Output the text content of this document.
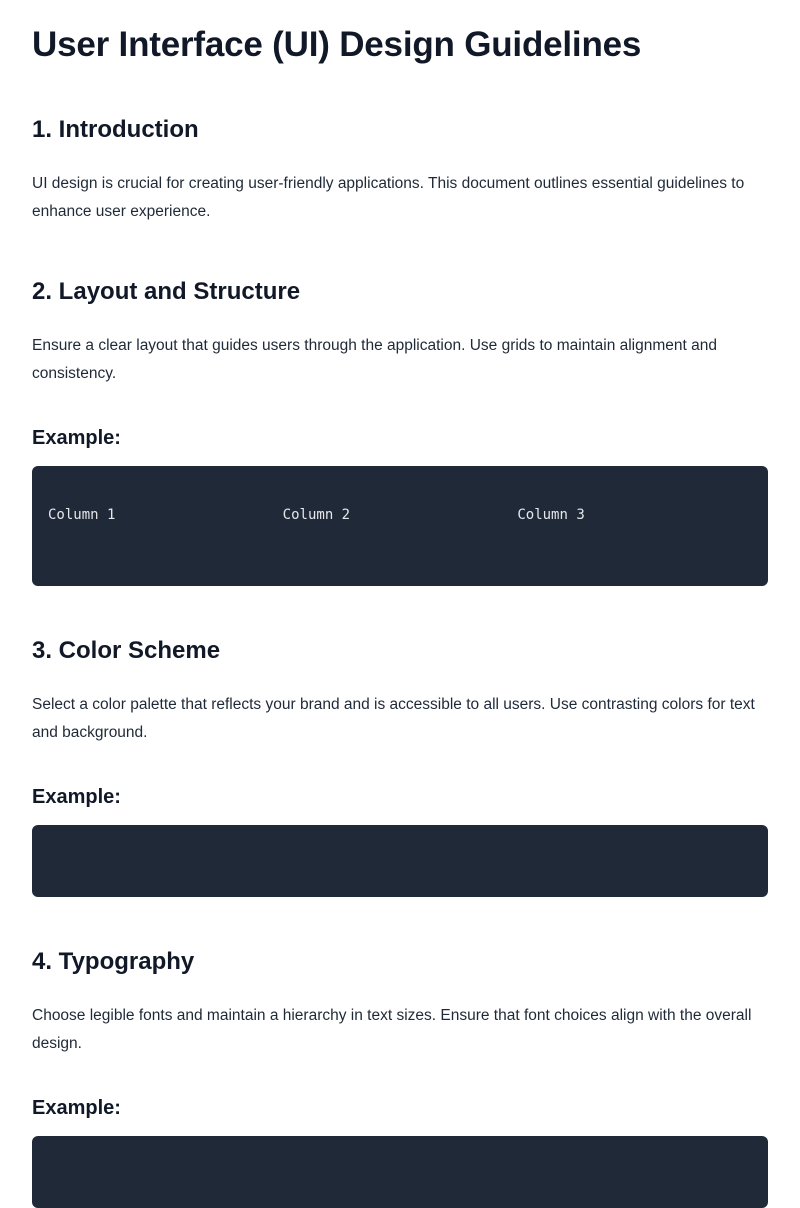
User Interface (UI) Design Guidelines
1. Introduction

UI design is crucial for creating user-friendly applications. This document outlines essential guidelines to enhance user experience.

2. Layout and Structure

Ensure a clear layout that guides users through the application. Use grids to maintain alignment and consistency.

Example:
Column 1	Column 2	Column 3
3. Color Scheme

Select a color palette that reflects your brand and is accessible to all users. Use contrasting colors for text and background.

Example:
4. Typography

Choose legible fonts and maintain a hierarchy in text sizes. Ensure that font choices align with the overall design.

Example:
